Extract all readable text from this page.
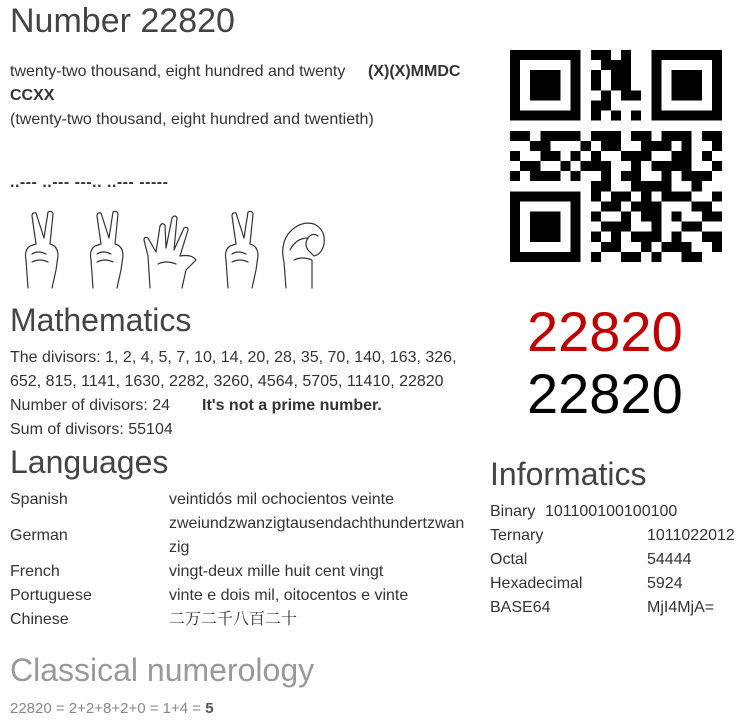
Number 22820
twenty-two thousand, eight hundred and twenty (X)(X)MMDC
CCXX
(twenty-two thousand, eight hundred and twentieth)
..--- ..--- ---.. ..--- -----
Mathematics
The divisors: 1, 2, 4, 5, 7, 10, 14, 20, 28, 35, 70, 140, 163, 326,
652, 815, 1141, 1630, 2282, 3260, 4564, 5705, 11410, 22820
Number of divisors: 24 It's not a prime number.
Sum of divisors: 55104
22820
22820
Languages
Spanish	veintidós mil ochocientos veinte
German
zweiundzwanzigtausendachthundertzwanzig
French	vingt-deux mille huit cent vingt
Portuguese	vinte e dois mil, oitocentos e vinte
Chinese	二万二千八百二十
Informatics
Binary 101100100100100
Ternary	1011022012
Octal	54444
Hexadecimal	5924
BASE64	MjI4MjA=
Classical numerology
22820 = 2+2+8+2+0 = 1+4 = 5
